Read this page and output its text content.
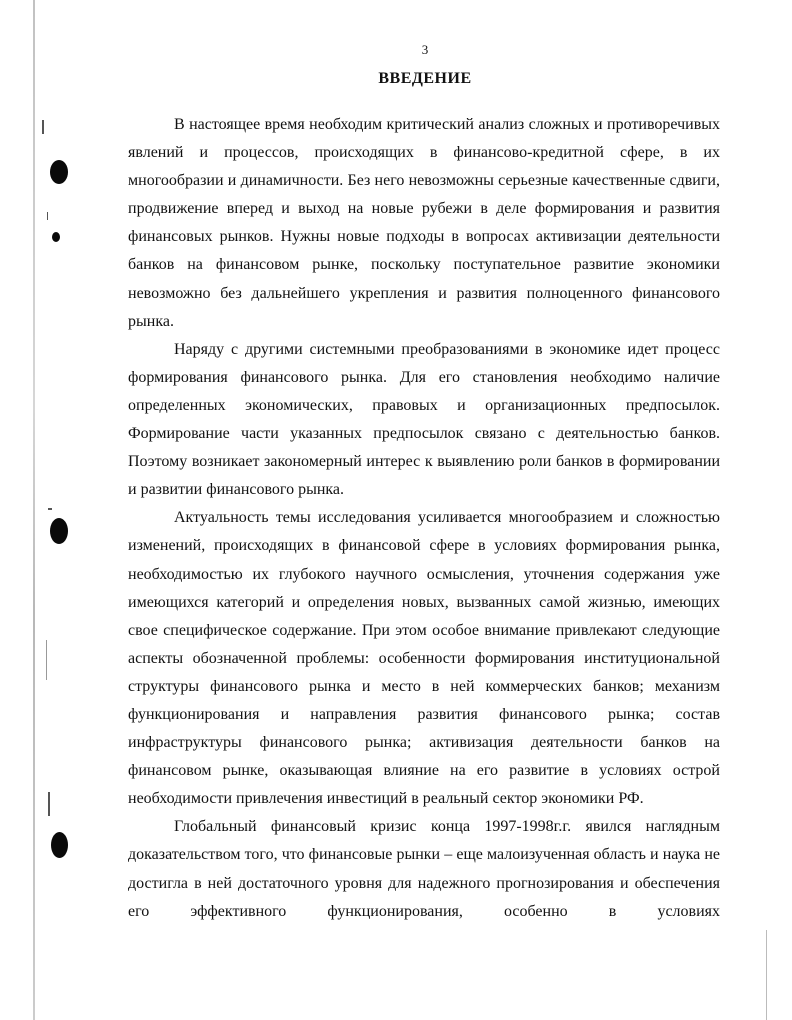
3
ВВЕДЕНИЕ

В настоящее время необходим критический анализ сложных и противоречивых явлений и процессов, происходящих в финансово-кредитной сфере, в их многообразии и динамичности. Без него невозможны серьезные качественные сдвиги, продвижение вперед и выход на новые рубежи в деле формирования и развития финансовых рынков. Нужны новые подходы в вопросах активизации деятельности банков на финансовом рынке, поскольку поступательное развитие экономики невозможно без дальнейшего укрепления и развития полноценного финансового рынка.

Наряду с другими системными преобразованиями в экономике идет процесс формирования финансового рынка. Для его становления необходимо наличие определенных экономических, правовых и организационных предпосылок. Формирование части указанных предпосылок связано с деятельностью банков. Поэтому возникает закономерный интерес к выявлению роли банков в формировании и развитии финансового рынка.

Актуальность темы исследования усиливается многообразием и сложностью изменений, происходящих в финансовой сфере в условиях формирования рынка, необходимостью их глубокого научного осмысления, уточнения содержания уже имеющихся категорий и определения новых, вызванных самой жизнью, имеющих свое специфическое содержание. При этом особое внимание привлекают следующие аспекты обозначенной проблемы: особенности формирования институциональной структуры финансового рынка и место в ней коммерческих банков; механизм функционирования и направления развития финансового рынка; состав инфраструктуры финансового рынка; активизация деятельности банков на финансовом рынке, оказывающая влияние на его развитие в условиях острой необходимости привлечения инвестиций в реальный сектор экономики РФ.

Глобальный финансовый кризис конца 1997-1998г.г. явился наглядным доказательством того, что финансовые рынки – еще малоизученная область и наука не достигла в ней достаточного уровня для надежного прогнозирования и обеспечения его эффективного функционирования, особенно в условиях
